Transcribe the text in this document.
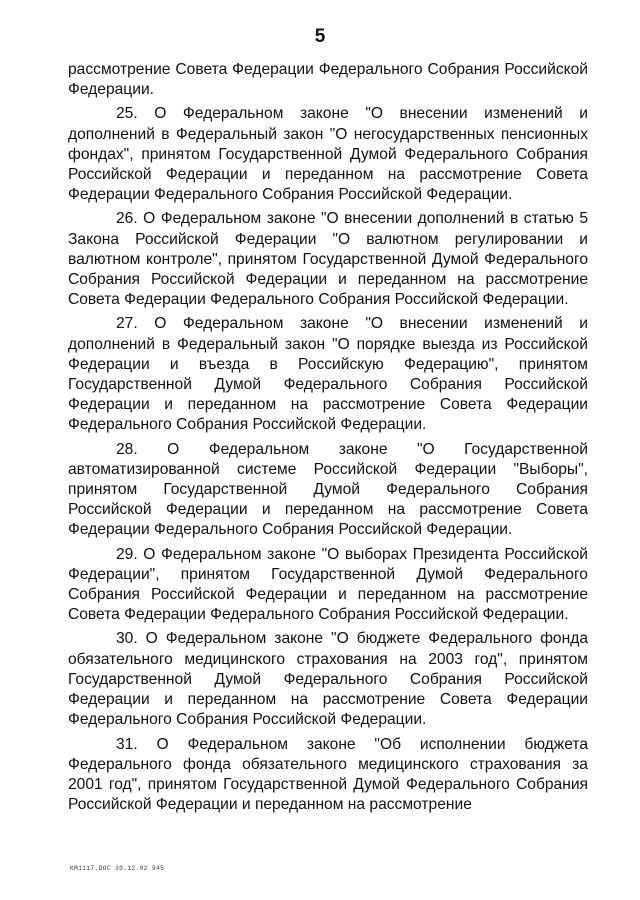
5

рассмотрение Совета Федерации Федерального Собрания Российской Федерации.

25. О Федеральном законе "О внесении изменений и дополнений в Федеральный закон "О негосударственных пенсионных фондах", принятом Государственной Думой Федерального Собрания Российской Федерации и переданном на рассмотрение Совета Федерации Федерального Собрания Российской Федерации.

26. О Федеральном законе "О внесении дополнений в статью 5 Закона Российской Федерации "О валютном регулировании и валютном контроле", принятом Государственной Думой Федерального Собрания Российской Федерации и переданном на рассмотрение Совета Федерации Федерального Собрания Российской Федерации.

27. О Федеральном законе "О внесении изменений и дополнений в Федеральный закон "О порядке выезда из Российской Федерации и въезда в Российскую Федерацию", принятом Государственной Думой Федерального Собрания Российской Федерации и переданном на рассмотрение Совета Федерации Федерального Собрания Российской Федерации.

28. О Федеральном законе "О Государственной автоматизированной системе Российской Федерации "Выборы", принятом Государственной Думой Федерального Собрания Российской Федерации и переданном на рассмотрение Совета Федерации Федерального Собрания Российской Федерации.

29. О Федеральном законе "О выборах Президента Российской Федерации", принятом Государственной Думой Федерального Собрания Российской Федерации и переданном на рассмотрение Совета Федерации Федерального Собрания Российской Федерации.

30. О Федеральном законе "О бюджете Федерального фонда обязательного медицинского страхования на 2003 год", принятом Государственной Думой Федерального Собрания Российской Федерации и переданном на рассмотрение Совета Федерации Федерального Собрания Российской Федерации.

31. О Федеральном законе "Об исполнении бюджета Федерального фонда обязательного медицинского страхования за 2001 год", принятом Государственной Думой Федерального Собрания Российской Федерации и переданном на рассмотрение

КМ1117.DOC 30.12.02 945
